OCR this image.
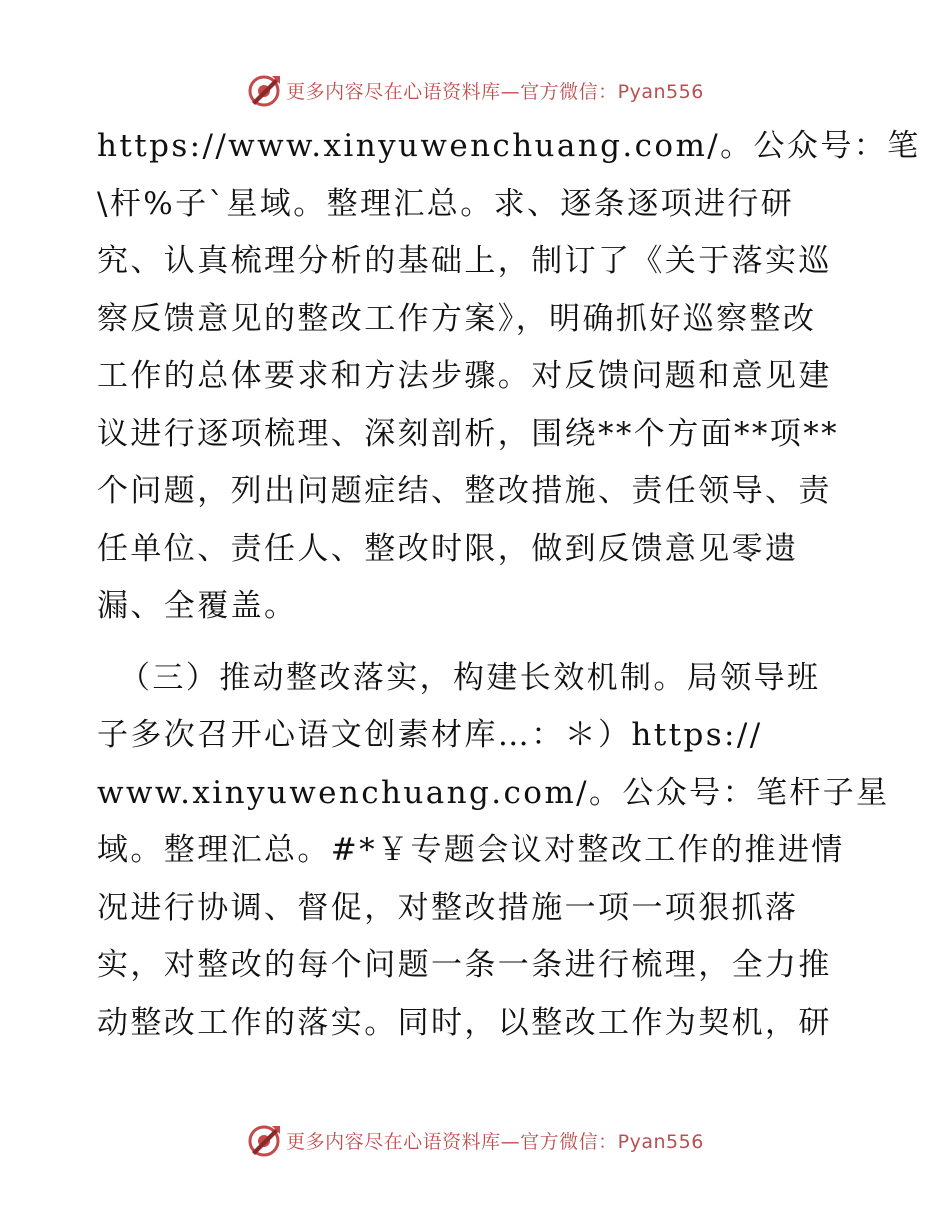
更多内容尽在心语资料库—官方微信：Pyan556
https://www.xinyuwenchuang.com/。公众号：笔
\杆%子`星域。整理汇总。求、逐条逐项进行研
究、认真梳理分析的基础上，制订了《关于落实巡
察反馈意见的整改工作方案》，明确抓好巡察整改
工作的总体要求和方法步骤。对反馈问题和意见建
议进行逐项梳理、深刻剖析，围绕**个方面**项**
个问题，列出问题症结、整改措施、责任领导、责
任单位、责任人、整改时限，做到反馈意见零遗
漏、全覆盖。
（三）推动整改落实，构建长效机制。局领导班
子多次召开心语文创素材库…：＊）https://
www.xinyuwenchuang.com/。公众号：笔杆子星
域。整理汇总。#*￥专题会议对整改工作的推进情
况进行协调、督促，对整改措施一项一项狠抓落
实，对整改的每个问题一条一条进行梳理，全力推
动整改工作的落实。同时，以整改工作为契机，研
更多内容尽在心语资料库—官方微信：Pyan556
